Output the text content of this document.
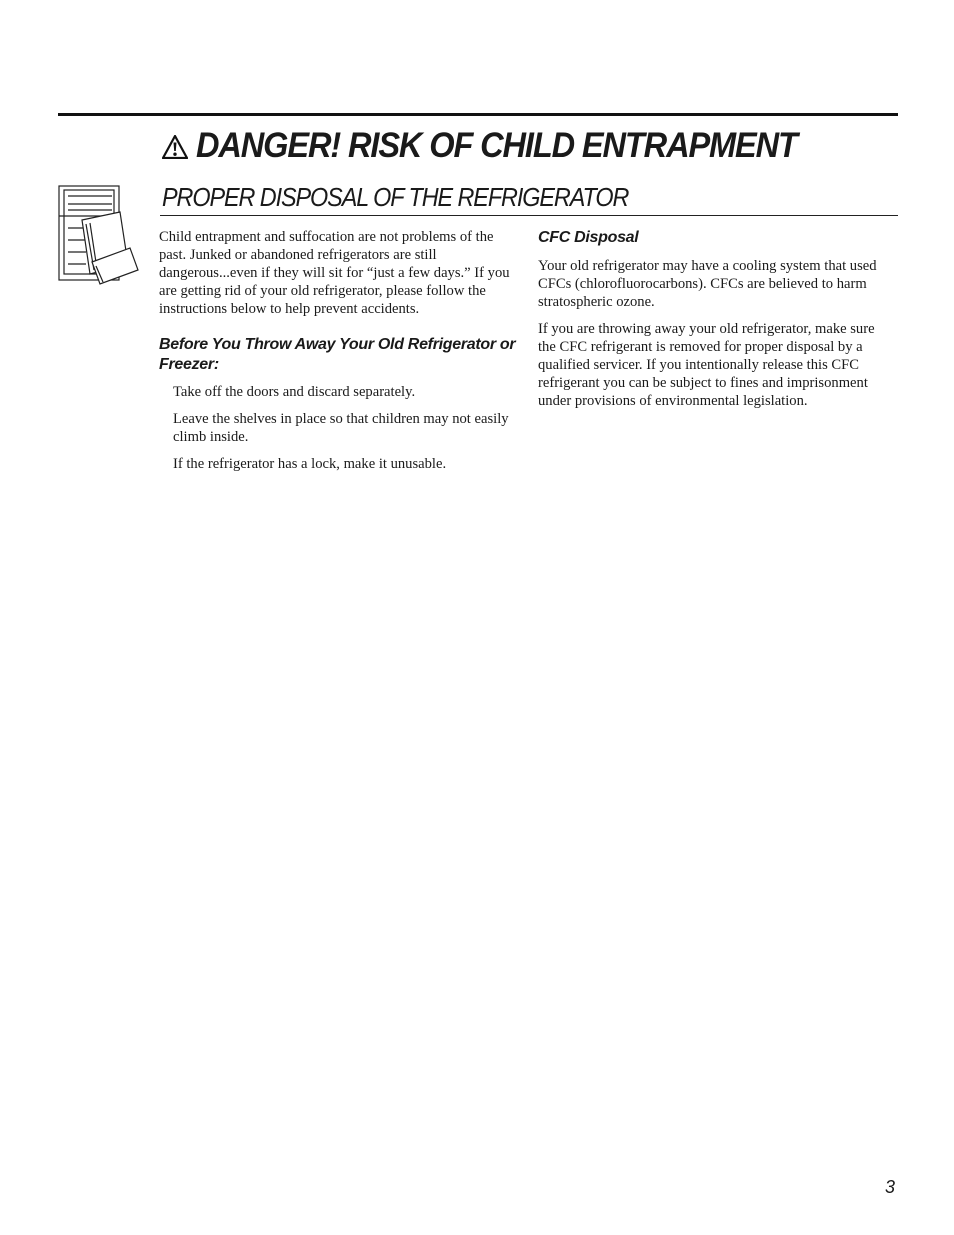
DANGER! RISK OF CHILD ENTRAPMENT
PROPER DISPOSAL OF THE REFRIGERATOR

Child entrapment and suffocation are not problems of the past. Junked or abandoned refrigerators are still dangerous...even if they will sit for “just a few days.” If you are getting rid of your old refrigerator, please follow the instructions below to help prevent accidents.

Before You Throw Away Your Old Refrigerator or Freezer:
Take off the doors and discard separately.
Leave the shelves in place so that children may not easily climb inside.
If the refrigerator has a lock, make it unusable.
CFC Disposal

Your old refrigerator may have a cooling system that used CFCs (chlorofluorocarbons). CFCs are believed to harm stratospheric ozone.

If you are throwing away your old refrigerator, make sure the CFC refrigerant is removed for proper disposal by a qualified servicer. If you intentionally release this CFC refrigerant you can be subject to fines and imprisonment under provisions of environmental legislation.

3
